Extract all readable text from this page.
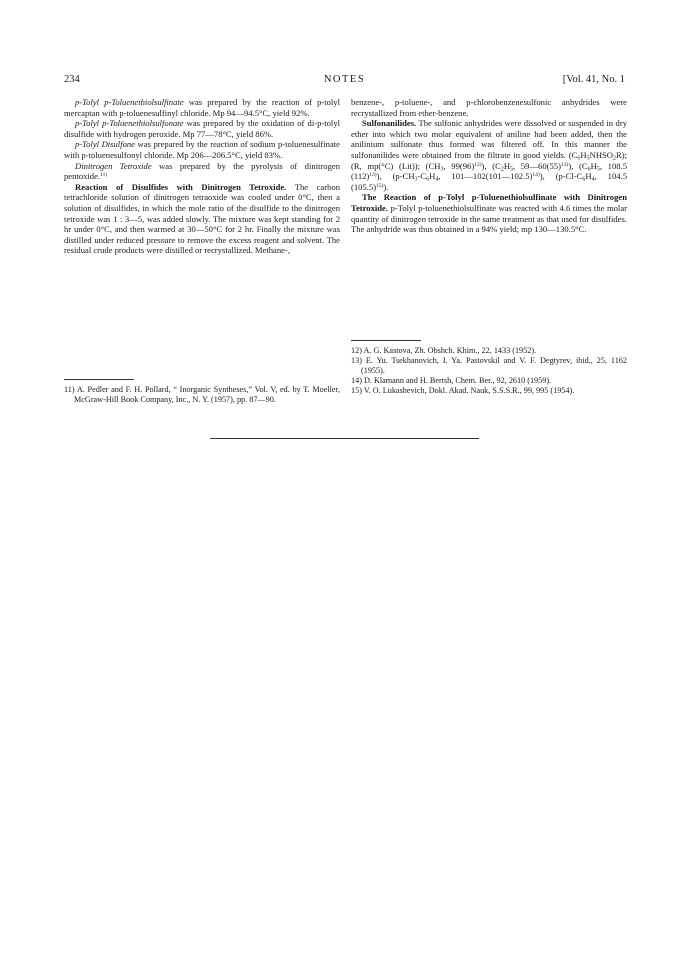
234	NOTES	[Vol. 41, No. 1

p-Tolyl p-Toluenethiolsulfinate was prepared by the reaction of p-tolyl mercaptan with p-toluenesulfinyl chloride. Mp 94—94.5°C, yield 92%.

p-Tolyl p-Toluenethiolsulfonate was prepared by the oxidation of di-p-tolyl disulfide with hydrogen peroxide. Mp 77—78°C, yield 86%.

p-Tolyl Disulfone was prepared by the reaction of sodium p-toluenesulfinate with p-toluenesulfonyl chloride. Mp 206—206.5°C, yield 83%.

Dinitrogen Tetroxide was prepared by the pyrolysis of dinitrogen pentoxide.$^{11)}$

Reaction of Disulfides with Dinitrogen Tetroxide. The carbon tetrachloride solution of dinitrogen tetraoxide was cooled under 0°C, then a solution of disulfides, in which the mole ratio of the disulfide to the dinitrogen tetroxide was 1 : 3—5, was added slowly. The mixture was kept standing for 2 hr under 0°C, and then warmed at 30—50°C for 2 hr. Finally the mixture was distilled under reduced pressure to remove the excess reagent and solvent. The residual crude products were distilled or recrystallized. Methane-,

11) A. Pedler and F. H. Pollard, “ Inorganic Syntheses,” Vol. V, ed. by T. Moeller, McGraw-Hill Book Company, Inc., N. Y. (1957), pp. 87—90.

benzene-, p-toluene-, and p-chlorobenzenesulfonic anhydrides were recrystallized from ether-benzene.

Sulfonanilides. The sulfonic anhydrides were dissolved or suspended in dry ether into which two molar equivalent of aniline had been added, then the anilinium sulfonate thus formed was filtered off. In this manner the sulfonanilides were obtained from the filtrate in good yields. $(C_6H_5NHSO_2R)$; (R, mp(°C) (Lit)); ($CH_3$, $99(96)^{12)}$), ($C_2H_5$, $59—60(55)^{13)}$), ($C_6H_5$, 108.5 $(112)^{13)}$), ($p-CH_3-C_6H_4$, 101—102(101—102.5)$^{14)}$), ($p-Cl-C_6H_4$, 104.5 $(105.5)^{15)}$).

The Reaction of p-Tolyl p-Toluenethiolsulfinate with Dinitrogen Tetroxide. p-Tolyl p-toluenethiolsulfinate was reacted with 4.6 times the molar quantity of dinitrogen tetroxide in the same treatment as that used for disulfides. The anhydride was thus obtained in a 94% yield; mp 130—130.5°C.

12) A. G. Kastova, Zh. Obshch. Khim., 22, 1433 (1952).

13) E. Yu. Tsekhanovich, I. Ya. Pastovskil and V. F. Degtyrev, ibid., 25, 1162 (1955).

14) D. Klamann and H. Bertsh, Chem. Ber., 92, 2610 (1959).

15) V. O. Lukashevich, Dokl. Akad. Nauk, S.S.S.R., 99, 995 (1954).
